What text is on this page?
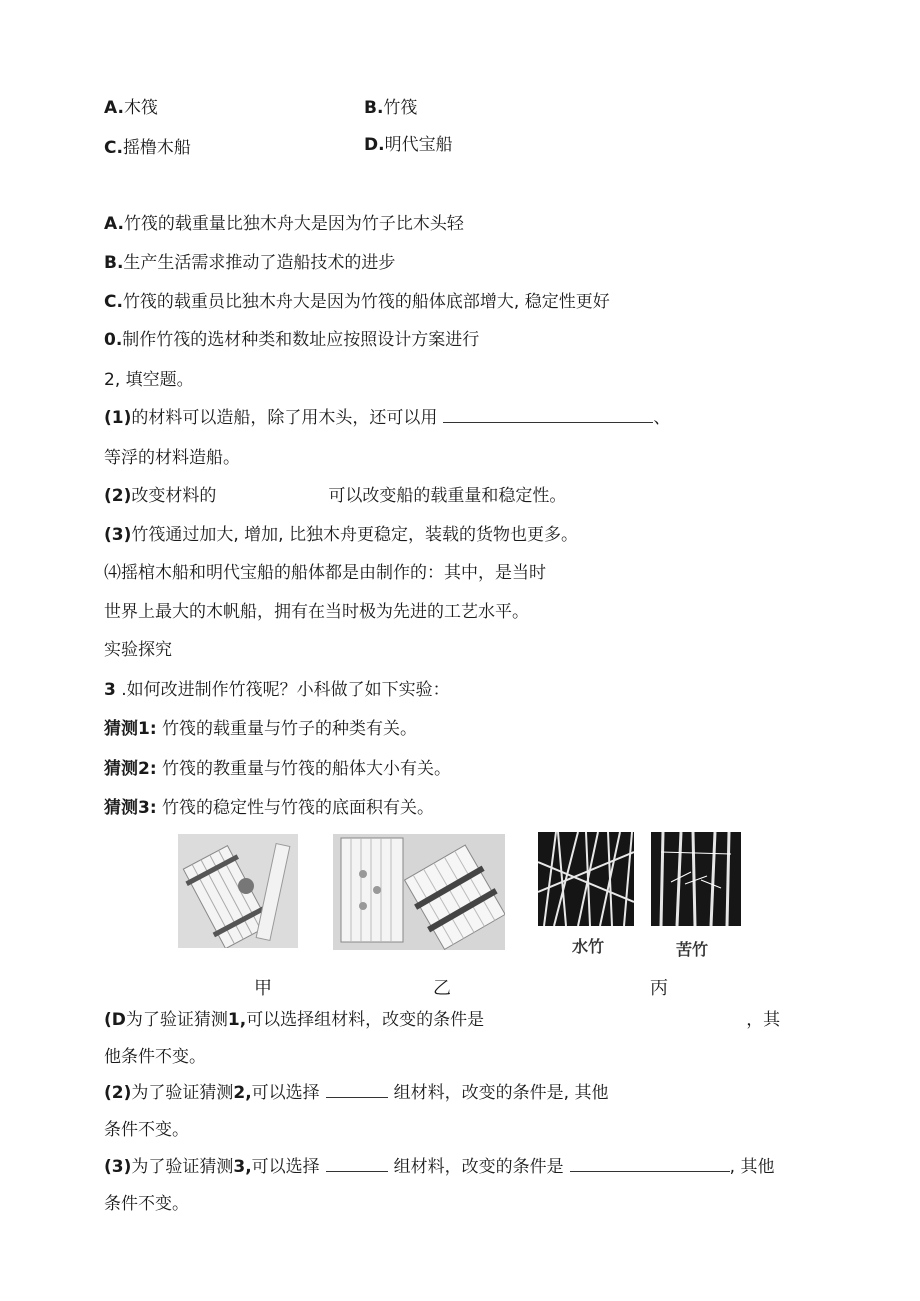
A.木筏	B.竹筏
C.摇橹木船	D.明代宝船
A.竹筏的载重量比独木舟大是因为竹子比木头轻
B.生产生活需求推动了造船技术的进步
C.竹筏的载重员比独木舟大是因为竹筏的船体底部增大, 稳定性更好
0.制作竹筏的选材种类和数址应按照设计方案进行
2, 填空题。
(1)的材料可以造船，除了用木头，还可以用	、
等浮的材料造船。
(2)改变材料的	可以改变船的载重量和稳定性。
(3)竹筏通过加大, 增加, 比独木舟更稳定，装载的货物也更多。
⑷摇棺木船和明代宝船的船体都是由制作的：其中，是当时
世界上最大的木帆船，拥有在当时极为先进的工艺水平。
实验探究
3 .如何改进制作竹筏呢？小科做了如下实验：
猜测1: 竹筏的载重量与竹子的种类有关。
猜测2: 竹筏的教重量与竹筏的船体大小有关。
猜测3: 竹筏的稳定性与竹筏的底面积有关。
水竹	苦竹
甲	乙	丙
(D为了验证猜测1,可以选择组材料，改变的条件是	，其
他条件不变。
(2)为了验证猜测2,可以选择	组材料，改变的条件是, 其他
条件不变。
(3)为了验证猜测3,可以选择	组材料，改变的条件是	, 其他
条件不变。
